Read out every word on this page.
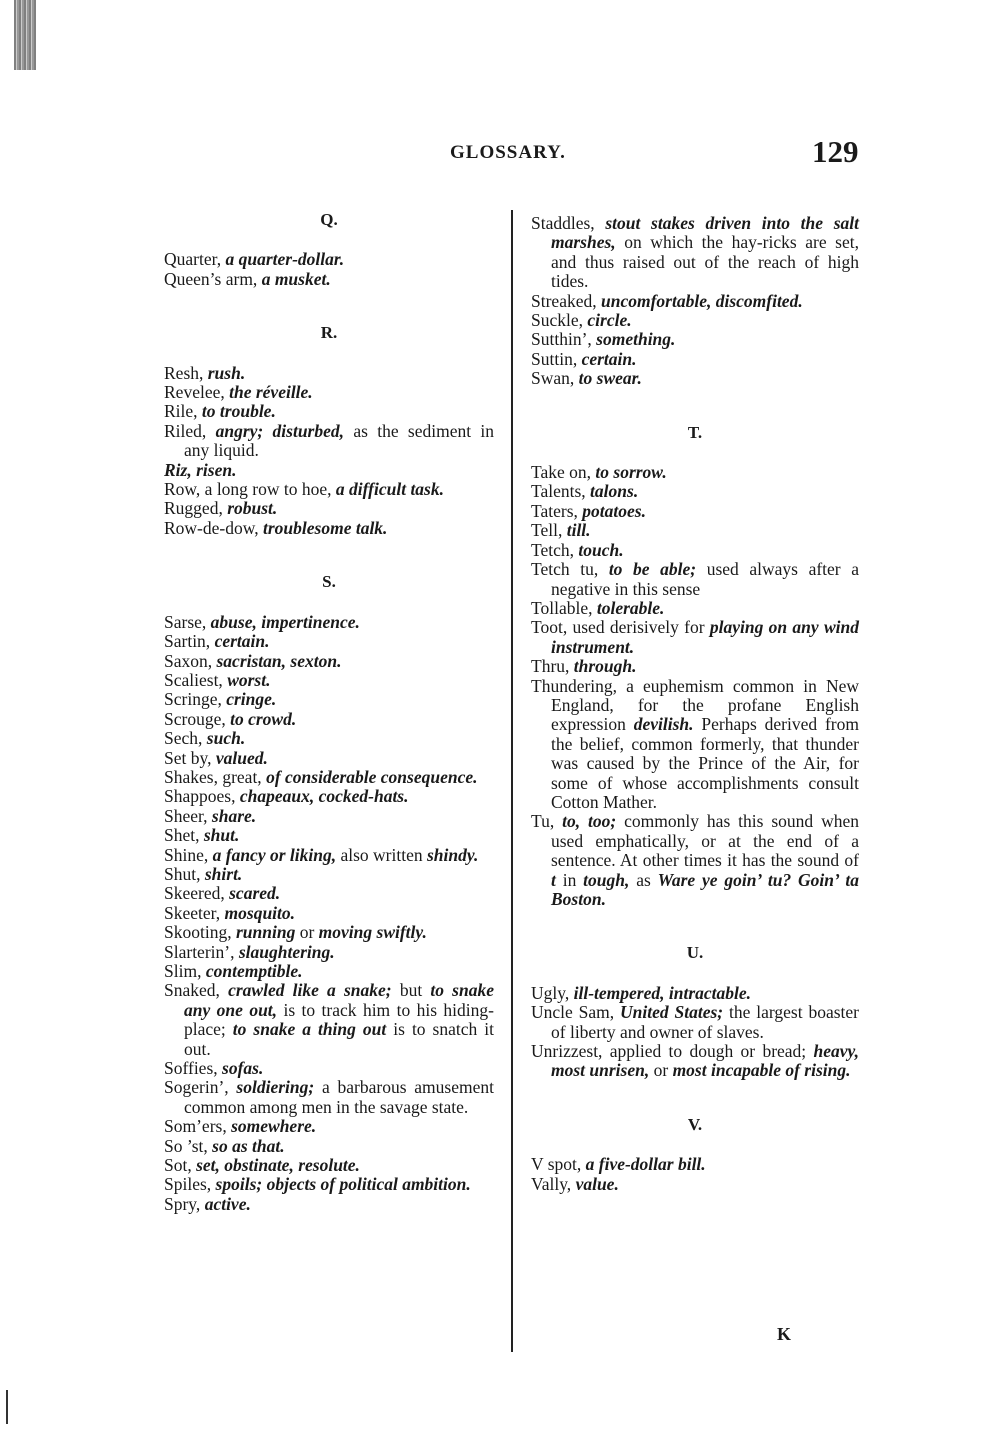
GLOSSARY.	129

Q.

Quarter, a quarter-dollar.

Queen’s arm, a musket.

R.

Resh, rush.

Revelee, the réveille.

Rile, to trouble.

Riled, angry; disturbed, as the sediment in any liquid.

Riz, risen.

Row, a long row to hoe, a difficult task.

Rugged, robust.

Row-de-dow, troublesome talk.

S.

Sarse, abuse, impertinence.

Sartin, certain.

Saxon, sacristan, sexton.

Scaliest, worst.

Scringe, cringe.

Scrouge, to crowd.

Sech, such.

Set by, valued.

Shakes, great, of considerable consequence.

Shappoes, chapeaux, cocked-hats.

Sheer, share.

Shet, shut.

Shine, a fancy or liking, also written shindy.

Shut, shirt.

Skeered, scared.

Skeeter, mosquito.

Skooting, running or moving swiftly.

Slarterin’, slaughtering.

Slim, contemptible.

Snaked, crawled like a snake; but to snake any one out, is to track him to his hiding-place; to snake a thing out is to snatch it out.

Soffies, sofas.

Sogerin’, soldiering; a barbarous amusement common among men in the savage state.

Som’ers, somewhere.

So ’st, so as that.

Sot, set, obstinate, resolute.

Spiles, spoils; objects of political ambition.

Spry, active.

Staddles, stout stakes driven into the salt marshes, on which the hay-ricks are set, and thus raised out of the reach of high tides.

Streaked, uncomfortable, discomfited.

Suckle, circle.

Sutthin’, something.

Suttin, certain.

Swan, to swear.

T.

Take on, to sorrow.

Talents, talons.

Taters, potatoes.

Tell, till.

Tetch, touch.

Tetch tu, to be able; used always after a negative in this sense

Tollable, tolerable.

Toot, used derisively for playing on any wind instrument.

Thru, through.

Thundering, a euphemism common in New England, for the profane English expression devilish. Perhaps derived from the belief, common formerly, that thunder was caused by the Prince of the Air, for some of whose accomplishments consult Cotton Mather.

Tu, to, too; commonly has this sound when used emphatically, or at the end of a sentence. At other times it has the sound of t in tough, as Ware ye goin’ tu? Goin’ ta Boston.

U.

Ugly, ill-tempered, intractable.

Uncle Sam, United States; the largest boaster of liberty and owner of slaves.

Unrizzest, applied to dough or bread; heavy, most unrisen, or most incapable of rising.

V.

V spot, a five-dollar bill.

Vally, value.

K
